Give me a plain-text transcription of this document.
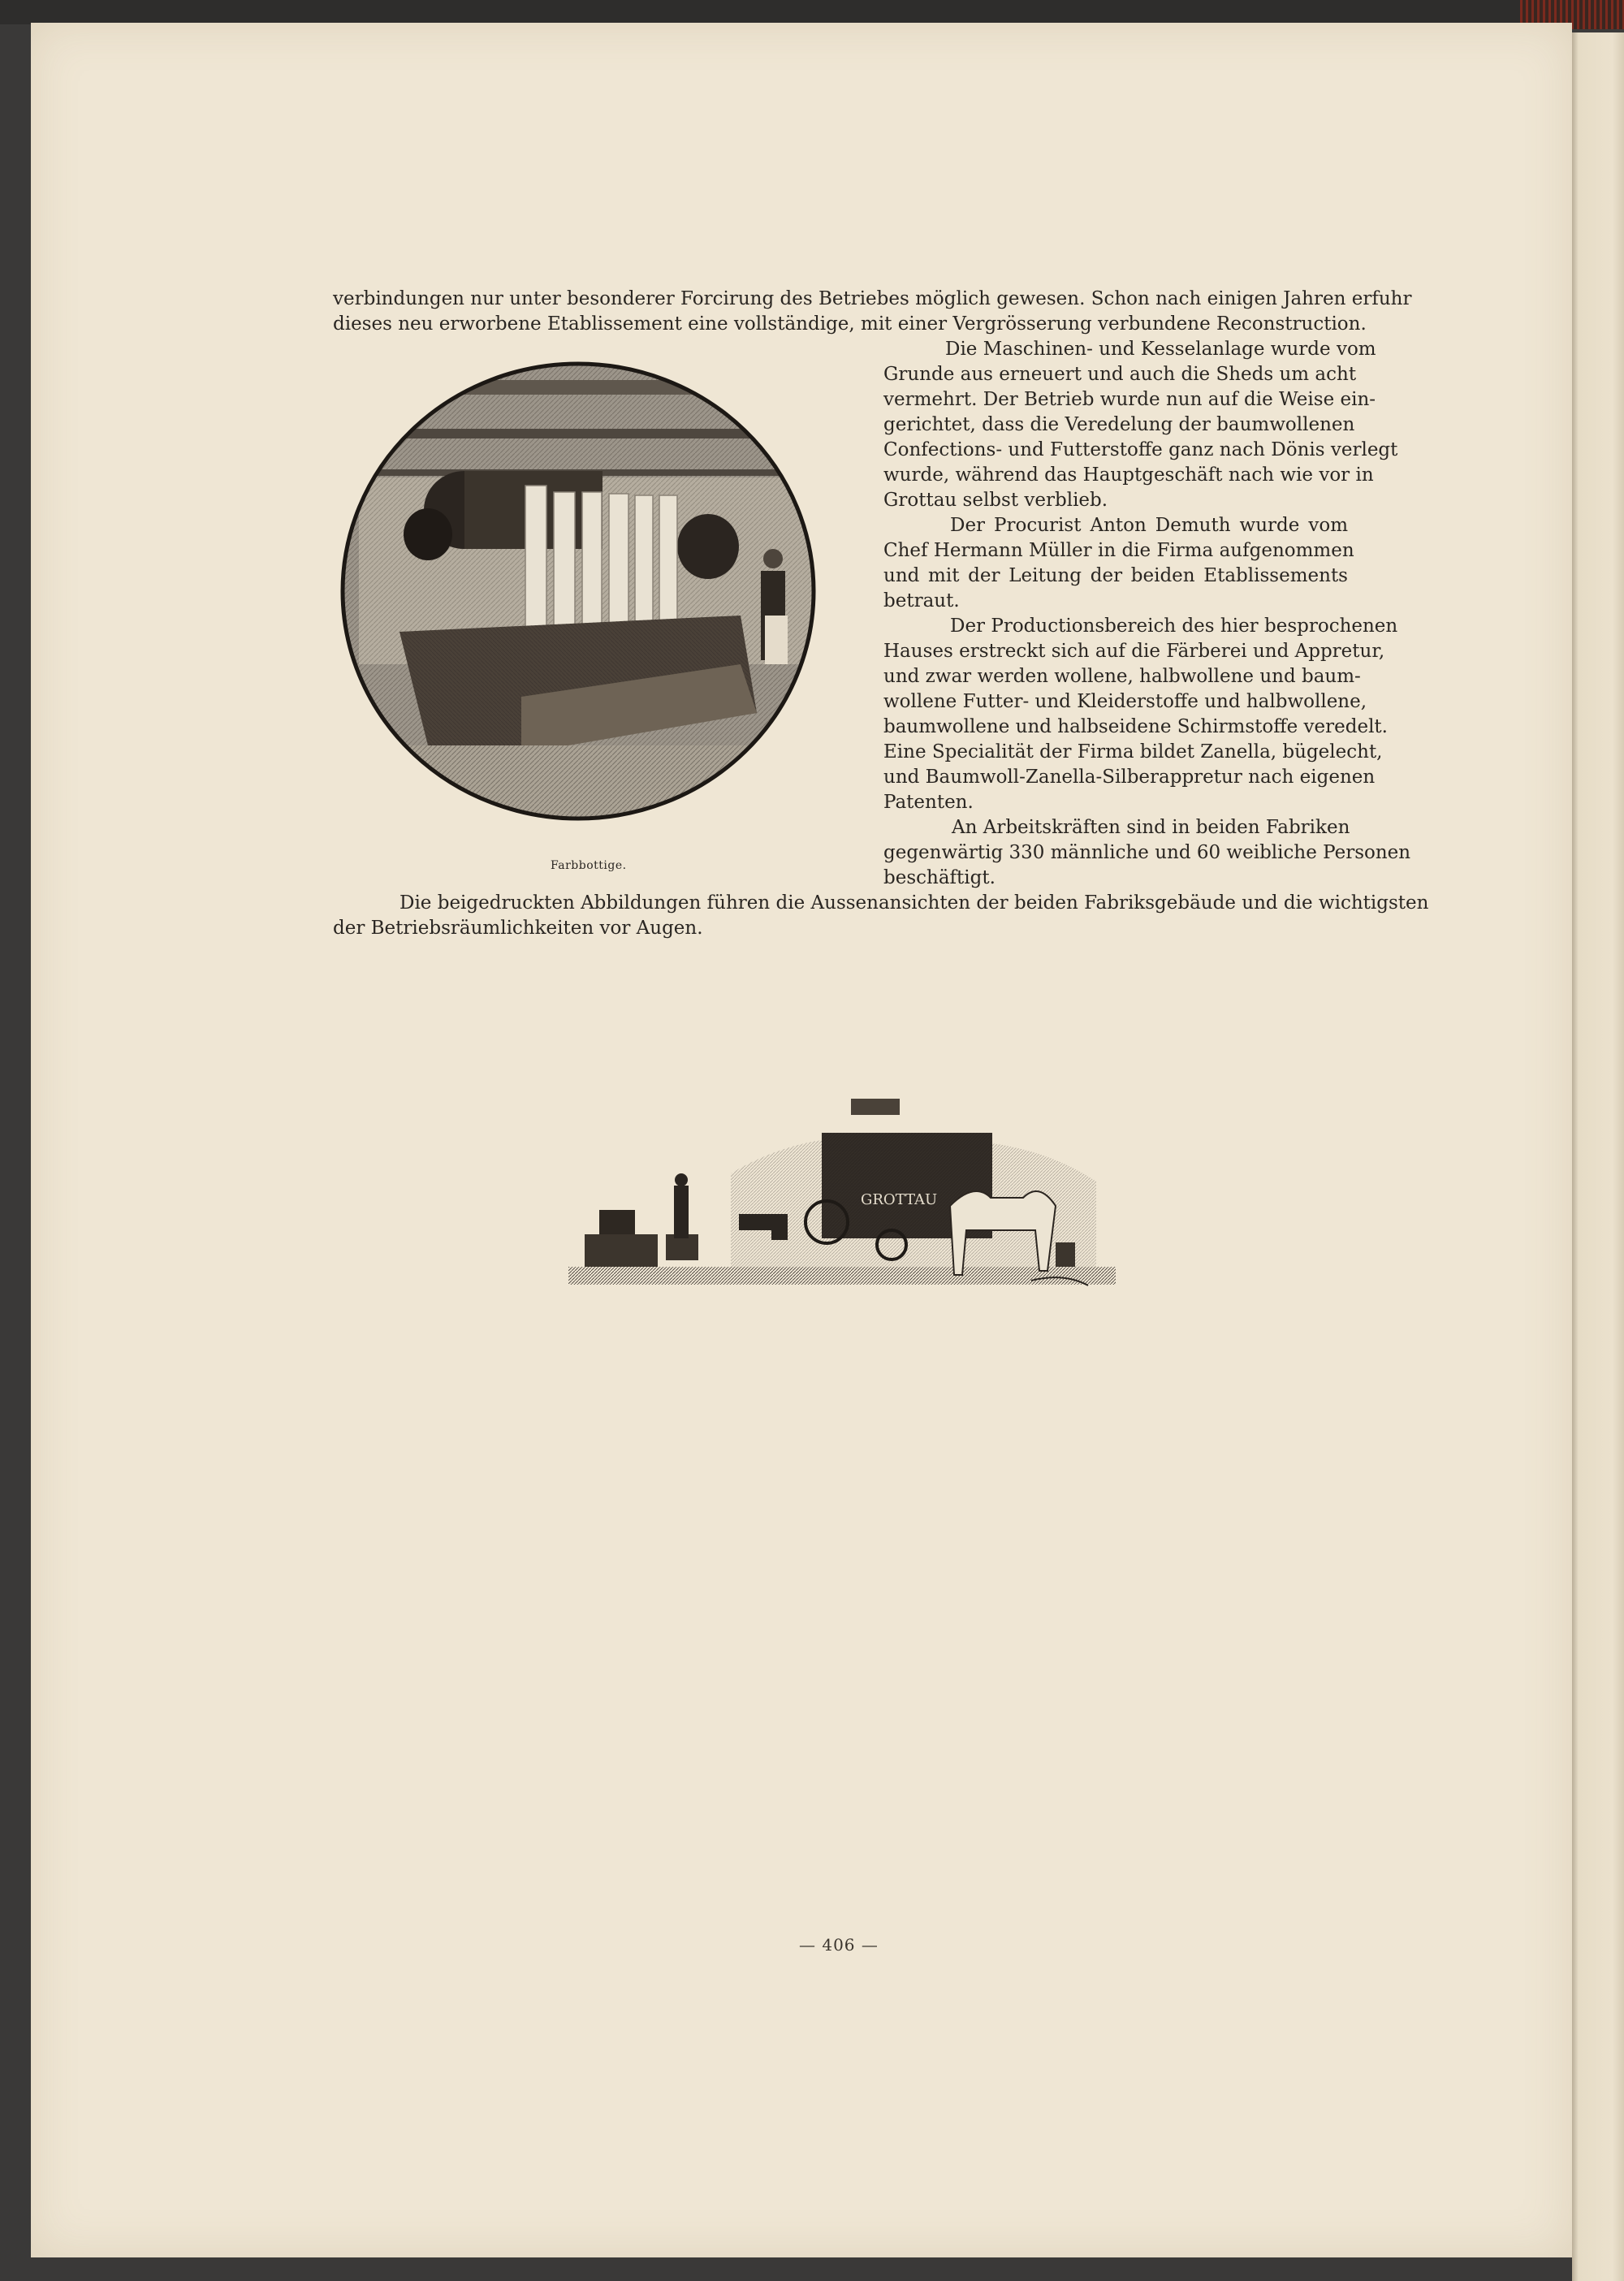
verbindungen nur unter besonderer Forcirung des Betriebes möglich gewesen. Schon nach einigen Jahren erfuhr
dieses neu erworbene Etablissement eine vollständige, mit einer Vergrösserung verbundene Reconstruction.
Die Maschinen- und Kesselanlage wurde vom
Grunde aus erneuert und auch die Sheds um acht
vermehrt. Der Betrieb wurde nun auf die Weise ein-
gerichtet, dass die Veredelung der baumwollenen
Confections- und Futterstoffe ganz nach Dönis verlegt
wurde, während das Hauptgeschäft nach wie vor in
Grottau selbst verblieb.
Der Procurist Anton Demuth wurde vom
Chef Hermann Müller in die Firma aufgenommen
und mit der Leitung der beiden Etablissements
betraut.
Der Productionsbereich des hier besprochenen
Hauses erstreckt sich auf die Färberei und Appretur,
und zwar werden wollene, halbwollene und baum-
wollene Futter- und Kleiderstoffe und halbwollene,
baumwollene und halbseidene Schirmstoffe veredelt.
Eine Specialität der Firma bildet Zanella, bügelecht,
und Baumwoll-Zanella-Silberappretur nach eigenen
Patenten.
An Arbeitskräften sind in beiden Fabriken
gegenwärtig 330 männliche und 60 weibliche Personen
beschäftigt.
Die beigedruckten Abbildungen führen die Aussenansichten der beiden Fabriksgebäude und die wichtigsten
der Betriebsräumlichkeiten vor Augen.
Farbbottige.
GROTTAU
— 406 —
